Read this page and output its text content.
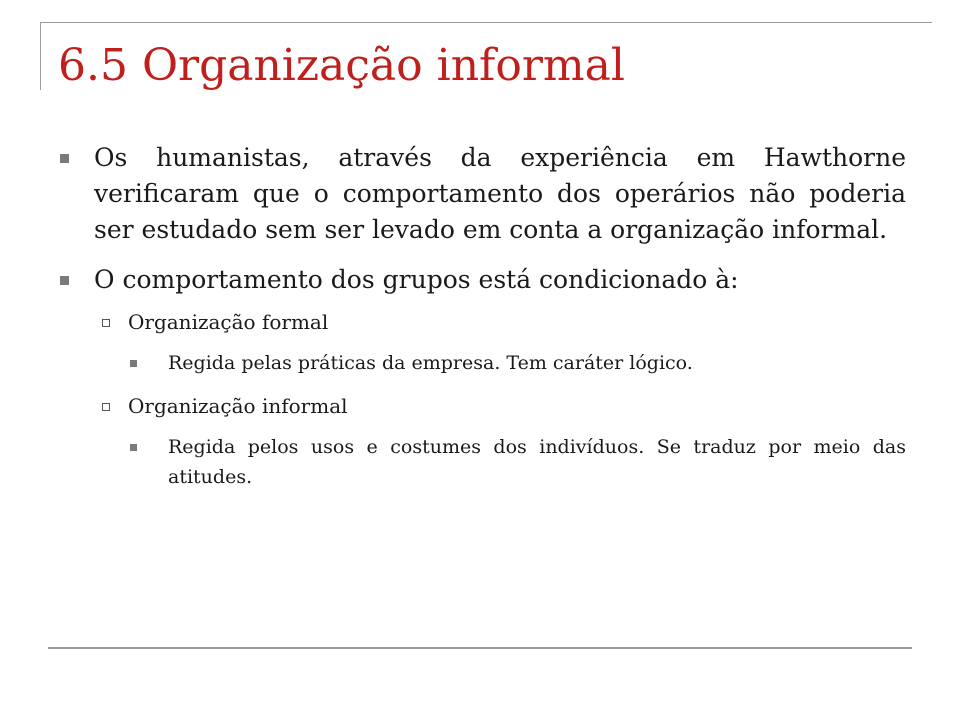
6.5 Organização informal
Os humanistas, através da experiência em Hawthorne verificaram que o comportamento dos operários não poderia ser estudado sem ser levado em conta a organização informal.
O comportamento dos grupos está condicionado à:
Organização formal
Regida pelas práticas da empresa. Tem caráter lógico.
Organização informal
Regida pelos usos e costumes dos indivíduos. Se traduz por meio das atitudes.
